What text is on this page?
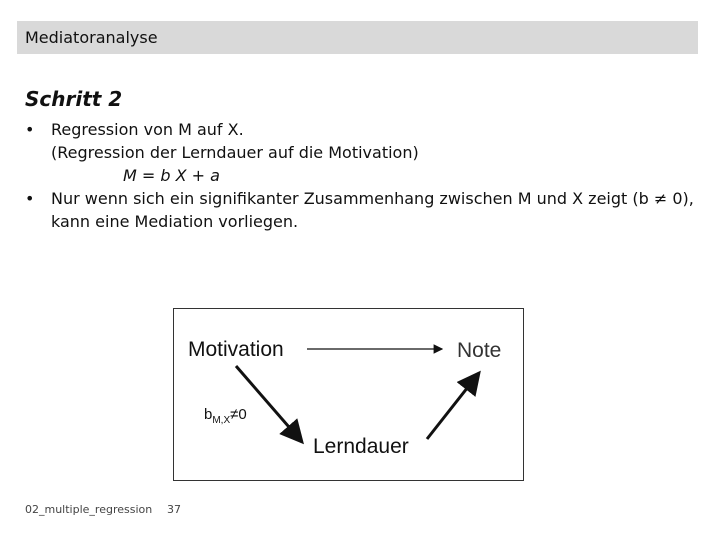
Mediatoranalyse
Schritt 2
• Regression von M auf X.
(Regression der Lerndauer auf die Motivation)
M = b X + a
• Nur wenn sich ein signifikanter Zusammenhang zwischen M und X zeigt (b ≠ 0),
kann eine Mediation vorliegen.
Motivation	Note
Lerndauer
$b_{M,X}\ne 0$
02_multiple_regression 37
